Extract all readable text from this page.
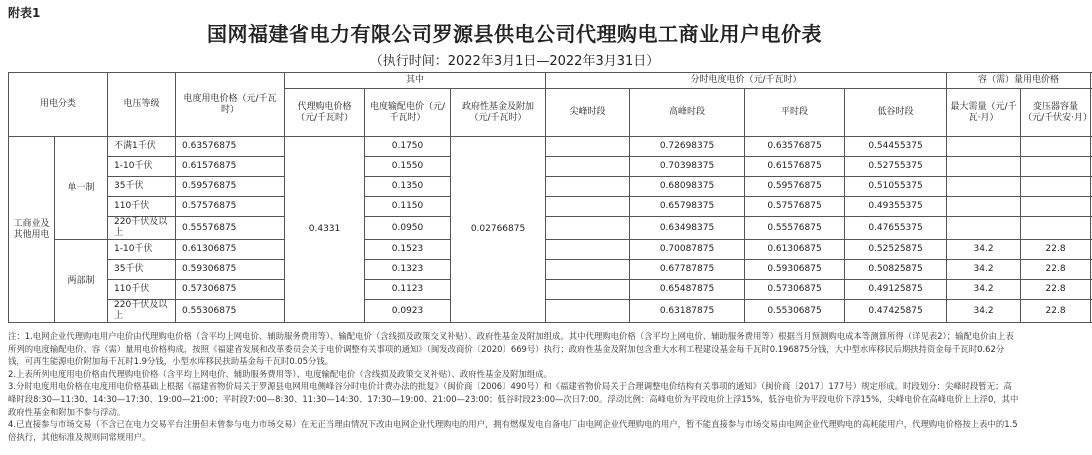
附表1
国网福建省电力有限公司罗源县供电公司代理购电工商业用户电价表
（执行时间：2022年3月1日—2022年3月31日）
用电分类		电压等级	电度用电价格（元/千瓦时）	其中			分时电度电价（元/千瓦时）				容（需）量用电价格	
				代理购电价格（元/千瓦时）	电度输配电价（元/千瓦时）	政府性基金及附加（元/千瓦时）	尖峰时段	高峰时段	平时段	低谷时段	最大需量（元/千瓦·月）	变压器容量（元/千伏安·月）
工商业及其他用电	单一制	不满1千伏	0.63576875	0.4331	0.1750	0.02766875		0.72698375	0.63576875	0.54455375		
		1-10千伏	0.61576875		0.1550			0.70398375	0.61576875	0.52755375		
		35千伏	0.59576875		0.1350			0.68098375	0.59576875	0.51055375		
		110千伏	0.57576875		0.1150			0.65798375	0.57576875	0.49355375		
		220千伏及以上	0.55576875		0.0950			0.63498375	0.55576875	0.47655375		
	两部制	1-10千伏	0.61306875		0.1523			0.70087875	0.61306875	0.52525875	34.2	22.8
		35千伏	0.59306875		0.1323			0.67787875	0.59306875	0.50825875	34.2	22.8
		110千伏	0.57306875		0.1123			0.65487875	0.57306875	0.49125875	34.2	22.8
		220千伏及以上	0.55306875		0.0923			0.63187875	0.55306875	0.47425875	34.2	22.8

注：1.电网企业代理购电用户电价由代理购电价格（含平均上网电价、辅助服务费用等）、输配电价（含线损及政策交叉补贴）、政府性基金及附加组成。其中代理购电价格（含平均上网电价、辅助服务费用等）根据当月预测购电成本等测算所得（详见表2）；输配电价由上表所列的电度输配电价、容（需）量用电价格构成，按照《福建省发展和改革委员会关于电价调整有关事项的通知》（闽发改商价〔2020〕669号）执行；政府性基金及附加包含重大水利工程建设基金每千瓦时0.196875分钱，大中型水库移民后期扶持资金每千瓦时0.62分钱，可再生能源电价附加每千瓦时1.9分钱，小型水库移民扶助基金每千瓦时0.05分钱。

2.上表所列电度用电价格由代理购电价格（含平均上网电价、辅助服务费用等）、电度输配电价（含线损及政策交叉补贴）、政府性基金及附加组成。

3.分时电度用电价格在电度用电价格基础上根据《福建省物价局关于罗源县电网用电侧峰谷分时电价计费办法的批复》（闽价商〔2006〕490号）和《福建省物价局关于合理调整电价结构有关事项的通知》（闽价商〔2017〕177号）规定形成。时段划分：尖峰时段暂无；高峰时段8:30—11:30、14:30—17:30、19:00—21:00；平时段7:00—8:30、11:30—14:30、17:30—19:00、21:00—23:00；低谷时段23:00—次日7:00。浮动比例：高峰电价为平段电价上浮15%，低谷电价为平段电价下浮15%，尖峰电价在高峰电价上上浮0，其中政府性基金和附加不参与浮动。

4.已直接参与市场交易（不含已在电力交易平台注册但未曾参与电力市场交易）在无正当理由情况下改由电网企业代理购电的用户，拥有燃煤发电自备电厂由电网企业代理购电的用户，暂不能直接参与市场交易由电网企业代理购电的高耗能用户，代理购电价格按上表中的1.5倍执行，其他标准及规则同常规用户。
